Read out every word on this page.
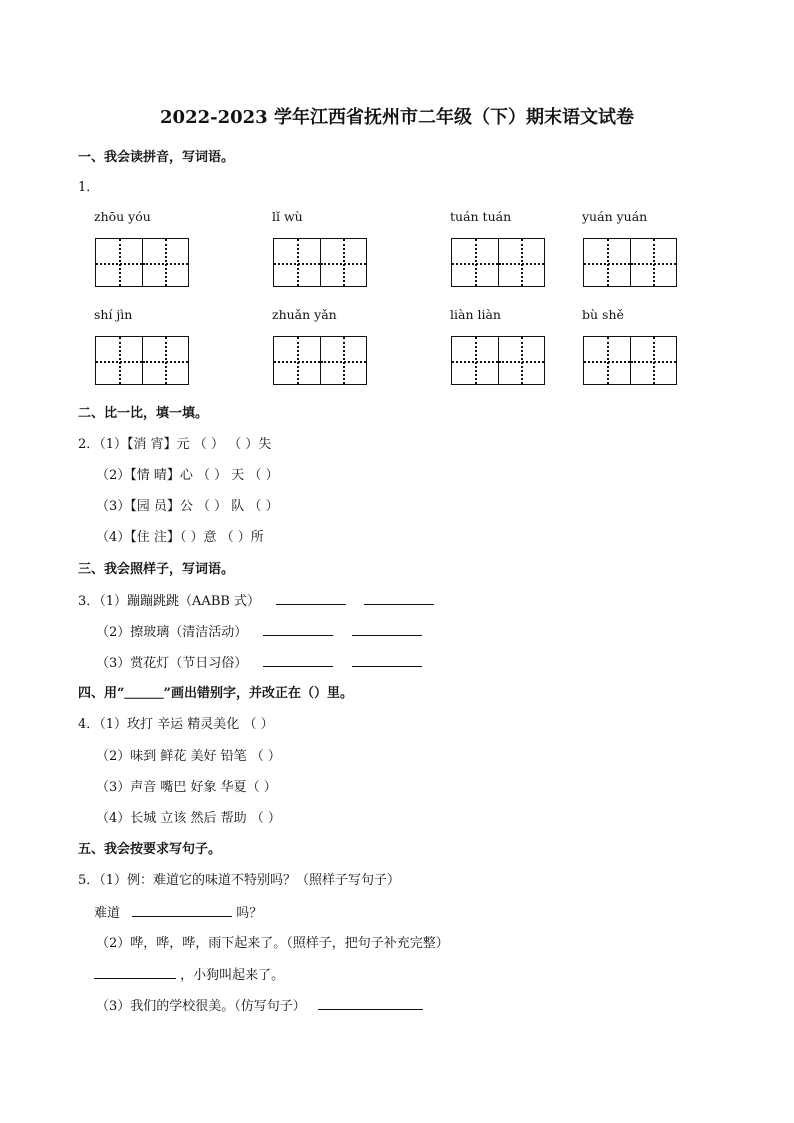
2022-2023 学年江西省抚州市二年级（下）期末语文试卷
一、我会读拼音，写词语。
1．
zhōu yóu	lǐ wù	tuán tuán	yuán yuán
shí jìn	zhuǎn yǎn	liàn liàn	bù shě
二、比一比，填一填。
2．（1）【消 宵】元 （ ） （ ）失
（2）【情 晴】心 （ ） 天 （ ）
（3）【园 员】公 （ ） 队 （ ）
（4）【住 注】（ ）意 （ ）所
三、我会照样子，写词语。
3．（1）蹦蹦跳跳（AABB 式）
（2）擦玻璃（清洁活动）
（3）赏花灯（节日习俗）
四、用“＿＿＿”画出错别字，并改正在（）里。
4．（1）玫打 辛运 精灵美化 （ ）
（2）味到 鲜花 美好 铅笔 （ ）
（3）声音 嘴巴 好象 华夏（ ）
（4）长城 立该 然后 帮助 （ ）
五、我会按要求写句子。
5．（1）例：难道它的味道不特别吗？（照样子写句子）
难道	吗？
（2）哗，哗，哗，雨下起来了。（照样子，把句子补充完整）
，小狗叫起来了。
（3）我们的学校很美。（仿写句子）
